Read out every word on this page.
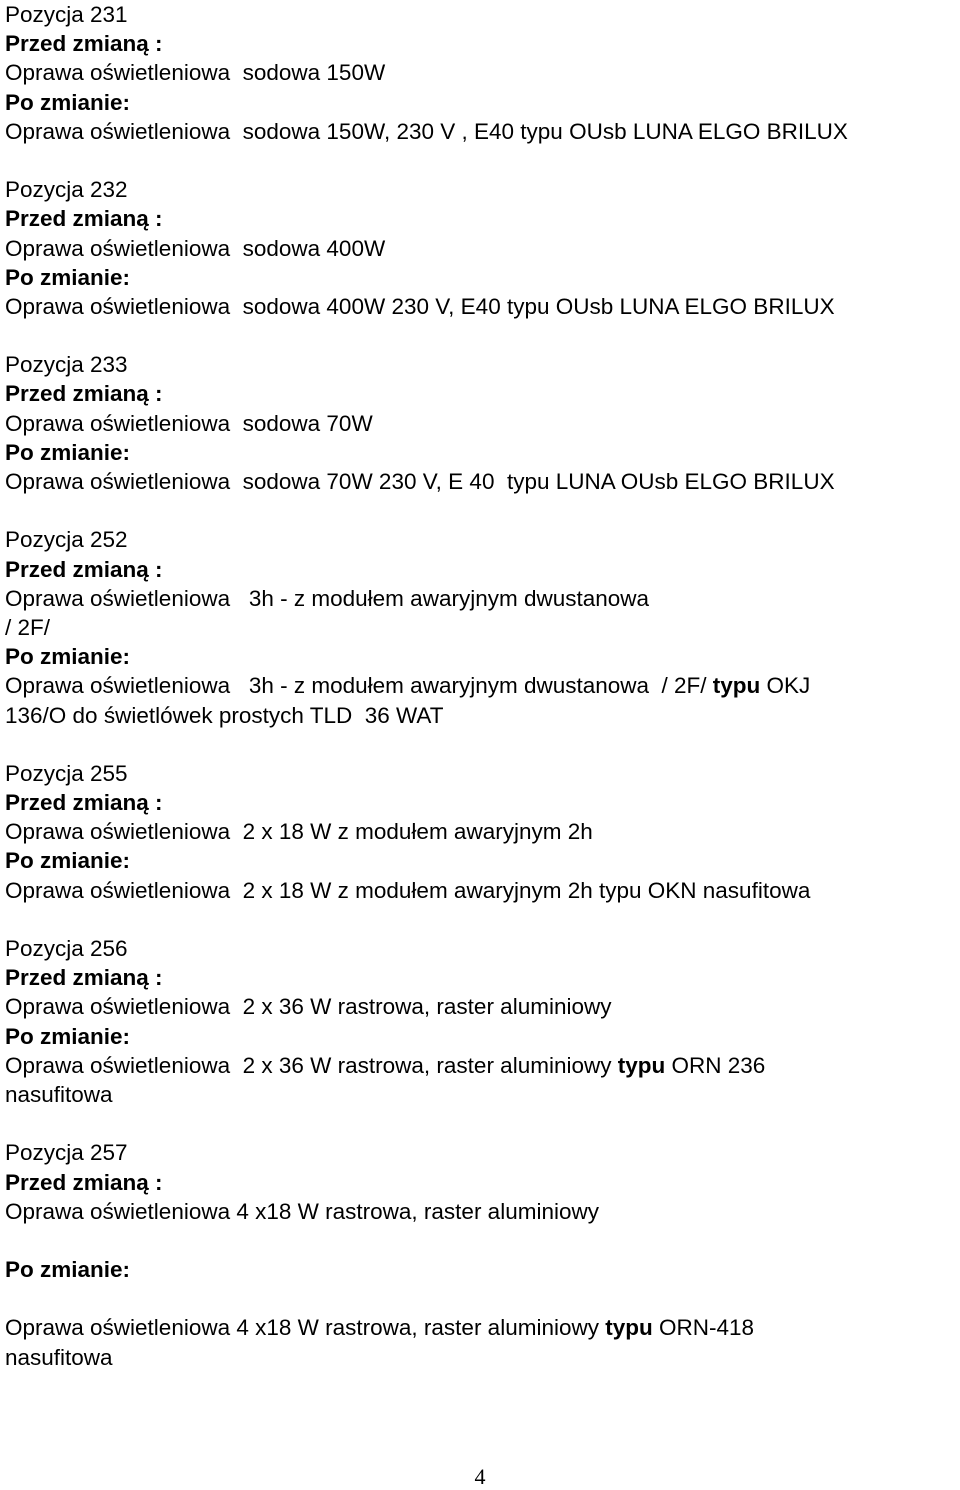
Pozycja 231
Przed zmianą :
Oprawa oświetleniowa  sodowa 150W
Po zmianie:
Oprawa oświetleniowa  sodowa 150W, 230 V , E40 typu OUsb LUNA ELGO BRILUX
Pozycja 232
Przed zmianą :
Oprawa oświetleniowa  sodowa 400W
Po zmianie:
Oprawa oświetleniowa  sodowa 400W 230 V, E40 typu OUsb LUNA ELGO BRILUX
Pozycja 233
Przed zmianą :
Oprawa oświetleniowa  sodowa 70W
Po zmianie:
Oprawa oświetleniowa  sodowa 70W 230 V, E 40  typu LUNA OUsb ELGO BRILUX
Pozycja 252
Przed zmianą :
Oprawa oświetleniowa   3h - z modułem awaryjnym dwustanowa
/ 2F/
Po zmianie:
Oprawa oświetleniowa   3h - z modułem awaryjnym dwustanowa  / 2F/ typu OKJ
136/O do świetlówek prostych TLD  36 WAT
Pozycja 255
Przed zmianą :
Oprawa oświetleniowa  2 x 18 W z modułem awaryjnym 2h
Po zmianie:
Oprawa oświetleniowa  2 x 18 W z modułem awaryjnym 2h typu OKN nasufitowa
Pozycja 256
Przed zmianą :
Oprawa oświetleniowa  2 x 36 W rastrowa, raster aluminiowy
Po zmianie:
Oprawa oświetleniowa  2 x 36 W rastrowa, raster aluminiowy typu ORN 236
nasufitowa
Pozycja 257
Przed zmianą :
Oprawa oświetleniowa 4 x18 W rastrowa, raster aluminiowy
Po zmianie:
Oprawa oświetleniowa 4 x18 W rastrowa, raster aluminiowy typu ORN-418
nasufitowa
4
